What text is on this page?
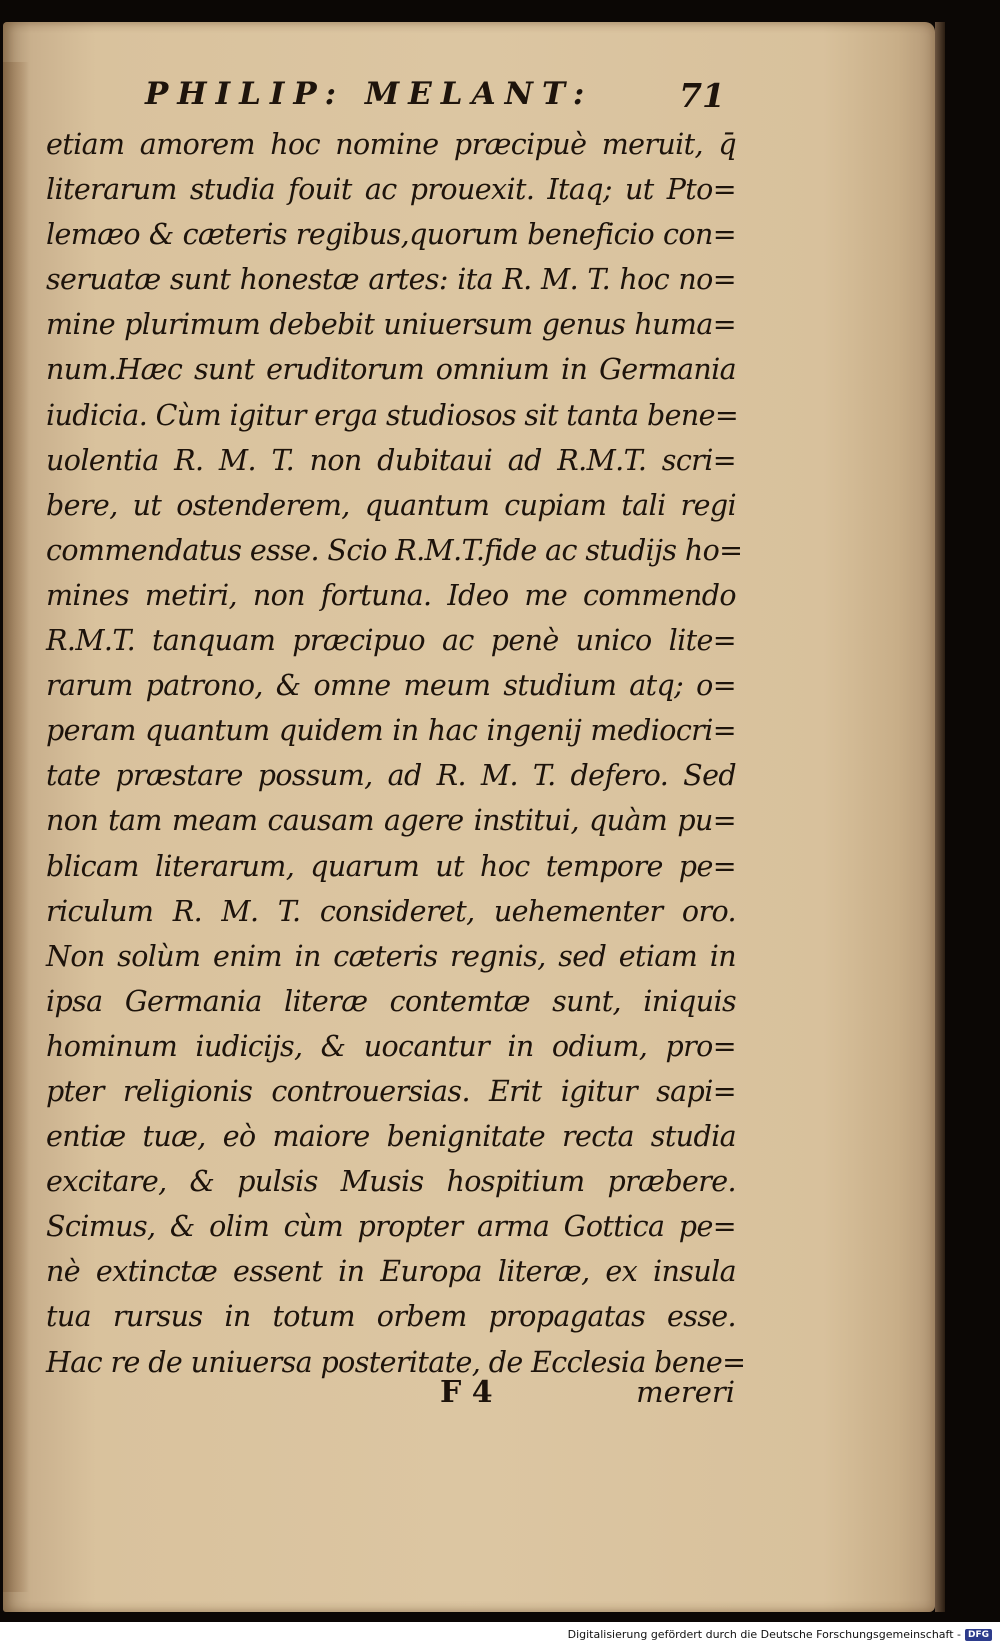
PHILIP: MELANT:	71
etiam amorem hoc nomine præcipuè meruit, q̄
literarum studia fouit ac prouexit. Itaq; ut Pto=
lemæo & cæteris regibus,quorum beneficio con=
seruatæ sunt honestæ artes: ita R. M. T. hoc no=
mine plurimum debebit uniuersum genus huma=
num.Hæc sunt eruditorum omnium in Germania
iudicia. Cùm igitur erga studiosos sit tanta bene=
uolentia R. M. T. non dubitaui ad R.M.T. scri=
bere, ut ostenderem, quantum cupiam tali regi
commendatus esse. Scio R.M.T.fide ac studijs ho=
mines metiri, non fortuna. Ideo me commendo
R.M.T. tanquam præcipuo ac penè unico lite=
rarum patrono, & omne meum studium atq; o=
peram quantum quidem in hac ingenij mediocri=
tate præstare possum, ad R. M. T. defero. Sed
non tam meam causam agere institui, quàm pu=
blicam literarum, quarum ut hoc tempore pe=
riculum R. M. T. consideret, uehementer oro.
Non solùm enim in cæteris regnis, sed etiam in
ipsa Germania literæ contemtæ sunt, iniquis
hominum iudicijs, & uocantur in odium, pro=
pter religionis controuersias. Erit igitur sapi=
entiæ tuæ, eò maiore benignitate recta studia
excitare, & pulsis Musis hospitium præbere.
Scimus, & olim cùm propter arma Gottica pe=
nè extinctæ essent in Europa literæ, ex insula
tua rursus in totum orbem propagatas esse.
Hac re de uniuersa posteritate, de Ecclesia bene=
F 4	mereri
Digitalisierung gefördert durch die Deutsche Forschungsgemeinschaft - DFG
